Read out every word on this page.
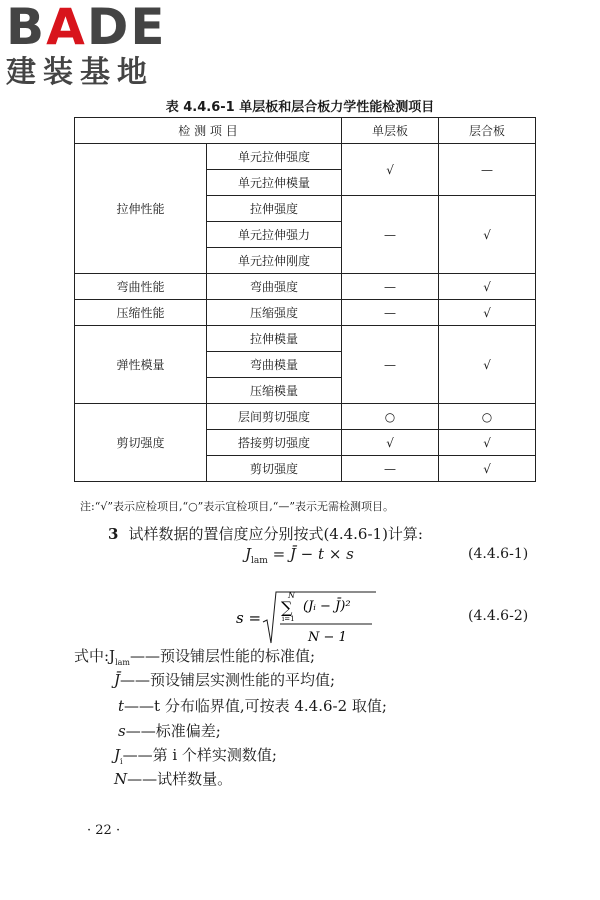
BADE
建装基地
表 4.4.6-1 单层板和层合板力学性能检测项目
检 测 项 目		单层板	层合板
拉伸性能	单元拉伸强度	√	—
	单元拉伸模量		
	拉伸强度	—	√
	单元拉伸强力		
	单元拉伸刚度		
弯曲性能	弯曲强度	—	√
压缩性能	压缩强度	—	√
弹性模量	拉伸模量	—	√
	弯曲模量		
	压缩模量		
剪切强度	层间剪切强度	○	○
	搭接剪切强度	√	√
	剪切强度	—	√
注:“√”表示应检项目,“○”表示宜检项目,“—”表示无需检测项目。
3 试样数据的置信度应分别按式(4.4.6-1)计算:
$J_{lam}$ = J̄ − t × s	(4.4.6-1)
s =
N
∑
i=1
(Jᵢ − J̄)²
N − 1
(4.4.6-2)
式中$:J_{lam}——$预设铺层性能的标准值;
J̄——预设铺层实测性能的平均值;
t——t 分布临界值,可按表 4.4.6-2 取值;
s——标准偏差;
$J_i——$第 i 个样实测数值;
N——试样数量。
· 22 ·
